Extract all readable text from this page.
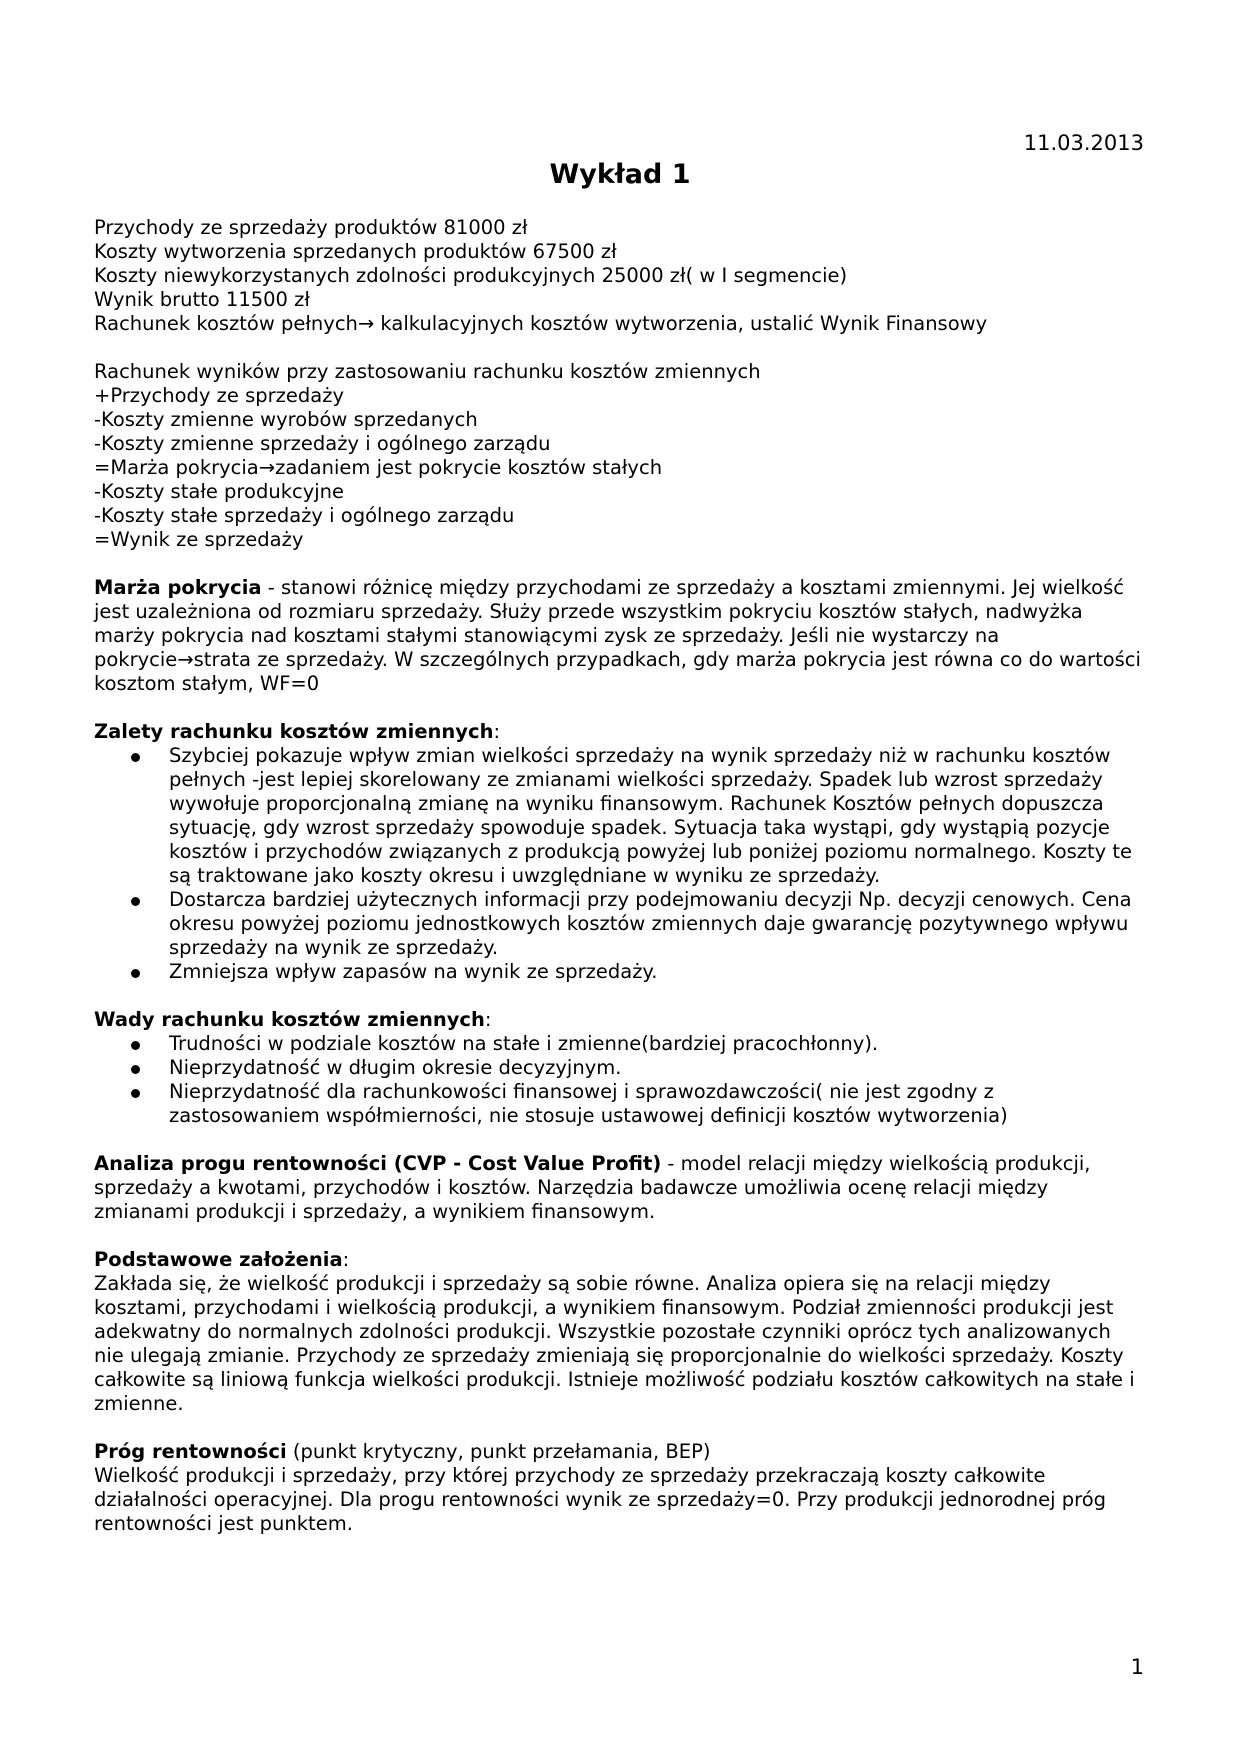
11.03.2013
Wykład 1
Przychody ze sprzedaży produktów 81000 zł
Koszty wytworzenia sprzedanych produktów 67500 zł
Koszty niewykorzystanych zdolności produkcyjnych 25000 zł( w I segmencie)
Wynik brutto 11500 zł
Rachunek kosztów pełnych→ kalkulacyjnych kosztów wytworzenia, ustalić Wynik Finansowy
Rachunek wyników przy zastosowaniu rachunku kosztów zmiennych
+Przychody ze sprzedaży
-Koszty zmienne wyrobów sprzedanych
-Koszty zmienne sprzedaży i ogólnego zarządu
=Marża pokrycia→zadaniem jest pokrycie kosztów stałych
-Koszty stałe produkcyjne
-Koszty stałe sprzedaży i ogólnego zarządu
=Wynik ze sprzedaży

Marża pokrycia - stanowi różnicę między przychodami ze sprzedaży a kosztami zmiennymi. Jej wielkość jest uzależniona od rozmiaru sprzedaży. Służy przede wszystkim pokryciu kosztów stałych, nadwyżka marży pokrycia nad kosztami stałymi stanowiącymi zysk ze sprzedaży. Jeśli nie wystarczy na pokrycie→strata ze sprzedaży. W szczególnych przypadkach, gdy marża pokrycia jest równa co do wartości kosztom stałym, WF=0

Zalety rachunku kosztów zmiennych:
Szybciej pokazuje wpływ zmian wielkości sprzedaży na wynik sprzedaży niż w rachunku kosztów pełnych -jest lepiej skorelowany ze zmianami wielkości sprzedaży. Spadek lub wzrost sprzedaży wywołuje proporcjonalną zmianę na wyniku finansowym. Rachunek Kosztów pełnych dopuszcza sytuację, gdy wzrost sprzedaży spowoduje spadek. Sytuacja taka wystąpi, gdy wystąpią pozycje kosztów i przychodów związanych z produkcją powyżej lub poniżej poziomu normalnego. Koszty te są traktowane jako koszty okresu i uwzględniane w wyniku ze sprzedaży.
Dostarcza bardziej użytecznych informacji przy podejmowaniu decyzji Np. decyzji cenowych. Cena okresu powyżej poziomu jednostkowych kosztów zmiennych daje gwarancję pozytywnego wpływu sprzedaży na wynik ze sprzedaży.
Zmniejsza wpływ zapasów na wynik ze sprzedaży.
Wady rachunku kosztów zmiennych:
Trudności w podziale kosztów na stałe i zmienne(bardziej pracochłonny).
Nieprzydatność w długim okresie decyzyjnym.
Nieprzydatność dla rachunkowości finansowej i sprawozdawczości( nie jest zgodny z zastosowaniem współmierności, nie stosuje ustawowej definicji kosztów wytworzenia)

Analiza progu rentowności (CVP - Cost Value Profit) - model relacji między wielkością produkcji, sprzedaży a kwotami, przychodów i kosztów. Narzędzia badawcze umożliwia ocenę relacji między zmianami produkcji i sprzedaży, a wynikiem finansowym.

Podstawowe założenia:

Zakłada się, że wielkość produkcji i sprzedaży są sobie równe. Analiza opiera się na relacji między kosztami, przychodami i wielkością produkcji, a wynikiem finansowym. Podział zmienności produkcji jest adekwatny do normalnych zdolności produkcji. Wszystkie pozostałe czynniki oprócz tych analizowanych nie ulegają zmianie. Przychody ze sprzedaży zmieniają się proporcjonalnie do wielkości sprzedaży. Koszty całkowite są liniową funkcja wielkości produkcji. Istnieje możliwość podziału kosztów całkowitych na stałe i zmienne.

Próg rentowności (punkt krytyczny, punkt przełamania, BEP)

Wielkość produkcji i sprzedaży, przy której przychody ze sprzedaży przekraczają koszty całkowite działalności operacyjnej. Dla progu rentowności wynik ze sprzedaży=0. Przy produkcji jednorodnej próg rentowności jest punktem.

1
